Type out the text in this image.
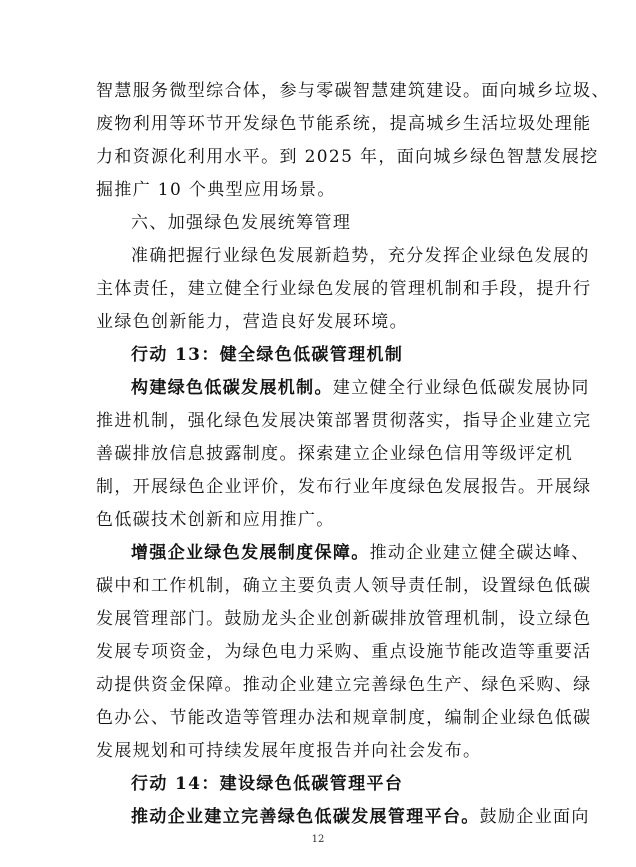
智慧服务微型综合体，参与零碳智慧建筑建设。面向城乡垃圾、
废物利用等环节开发绿色节能系统，提高城乡生活垃圾处理能
力和资源化利用水平。到 2025 年，面向城乡绿色智慧发展挖
掘推广 10 个典型应用场景。
六、加强绿色发展统筹管理
准确把握行业绿色发展新趋势，充分发挥企业绿色发展的
主体责任，建立健全行业绿色发展的管理机制和手段，提升行
业绿色创新能力，营造良好发展环境。
行动 13：健全绿色低碳管理机制
构建绿色低碳发展机制。建立健全行业绿色低碳发展协同
推进机制，强化绿色发展决策部署贯彻落实，指导企业建立完
善碳排放信息披露制度。探索建立企业绿色信用等级评定机
制，开展绿色企业评价，发布行业年度绿色发展报告。开展绿
色低碳技术创新和应用推广。
增强企业绿色发展制度保障。推动企业建立健全碳达峰、
碳中和工作机制，确立主要负责人领导责任制，设置绿色低碳
发展管理部门。鼓励龙头企业创新碳排放管理机制，设立绿色
发展专项资金，为绿色电力采购、重点设施节能改造等重要活
动提供资金保障。推动企业建立完善绿色生产、绿色采购、绿
色办公、节能改造等管理办法和规章制度，编制企业绿色低碳
发展规划和可持续发展年度报告并向社会发布。
行动 14：建设绿色低碳管理平台
推动企业建立完善绿色低碳发展管理平台。鼓励企业面向
12
